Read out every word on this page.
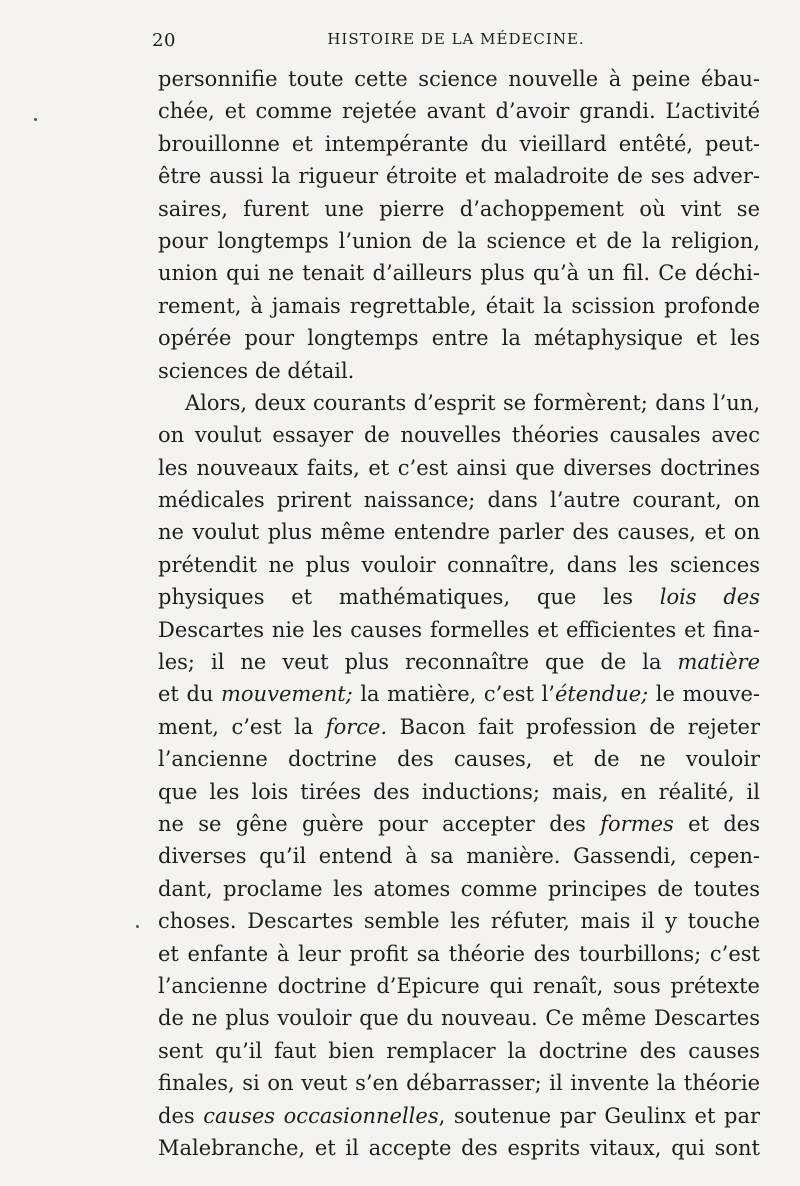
20	HISTOIRE DE LA MÉDECINE.
personnifie toute cette science nouvelle à peine ébau-
chée, et comme rejetée avant d’avoir grandi. L’activité
brouillonne et intempérante du vieillard entêté, peut-
être aussi la rigueur étroite et maladroite de ses adver-
saires, furent une pierre d’achoppement où vint se
pour longtemps l’union de la science et de la religion,
union qui ne tenait d’ailleurs plus qu’à un fil. Ce déchi-
rement, à jamais regrettable, était la scission profonde
opérée pour longtemps entre la métaphysique et les
sciences de détail.
Alors, deux courants d’esprit se formèrent; dans l’un,
on voulut essayer de nouvelles théories causales avec
les nouveaux faits, et c’est ainsi que diverses doctrines
médicales prirent naissance; dans l’autre courant, on
ne voulut plus même entendre parler des causes, et on
prétendit ne plus vouloir connaître, dans les sciences
physiques et mathématiques, que les lois des
Descartes nie les causes formelles et efficientes et fina-
les; il ne veut plus reconnaître que de la matière
et du mouvement; la matière, c’est l’étendue; le mouve-
ment, c’est la force. Bacon fait profession de rejeter
l’ancienne doctrine des causes, et de ne vouloir
que les lois tirées des inductions; mais, en réalité, il
ne se gêne guère pour accepter des formes et des
diverses qu’il entend à sa manière. Gassendi, cepen-
dant, proclame les atomes comme principes de toutes
choses. Descartes semble les réfuter, mais il y touche
et enfante à leur profit sa théorie des tourbillons; c’est
l’ancienne doctrine d’Epicure qui renaît, sous prétexte
de ne plus vouloir que du nouveau. Ce même Descartes
sent qu’il faut bien remplacer la doctrine des causes
finales, si on veut s’en débarrasser; il invente la théorie
des causes occasionnelles, soutenue par Geulinx et par
Malebranche, et il accepte des esprits vitaux, qui sont
